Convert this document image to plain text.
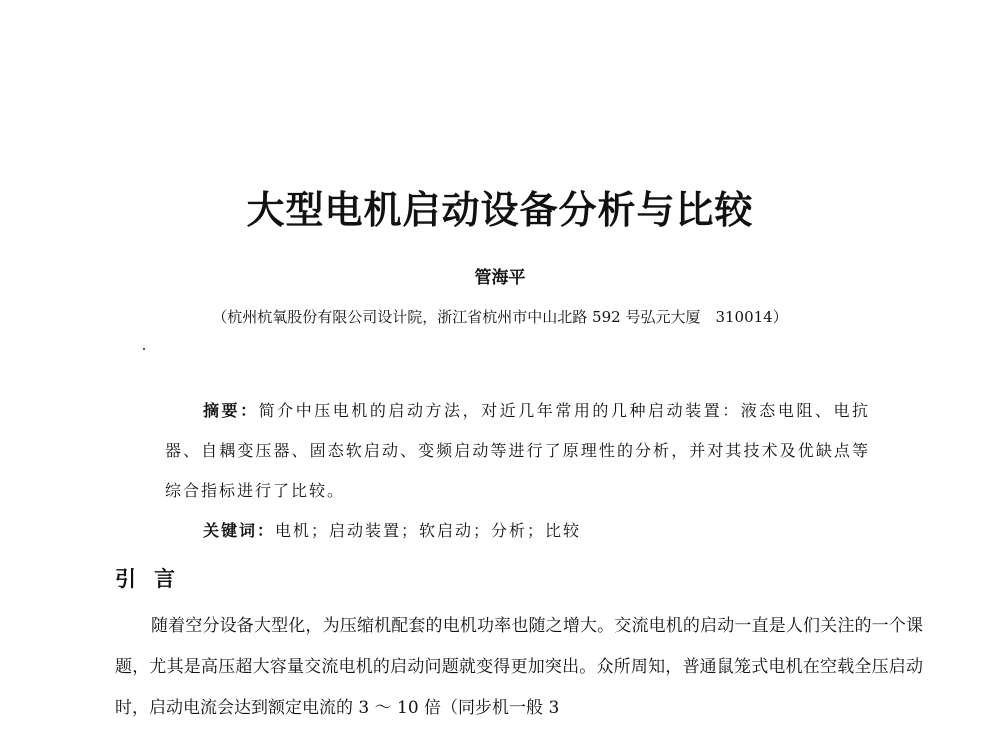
大型电机启动设备分析与比较
管海平
（杭州杭氧股份有限公司设计院，浙江省杭州市中山北路 592 号弘元大厦　310014）
摘要：简介中压电机的启动方法，对近几年常用的几种启动装置：液态电阻、电抗器、自耦变压器、固态软启动、变频启动等进行了原理性的分析，并对其技术及优缺点等综合指标进行了比较。
关键词：电机；启动装置；软启动；分析；比较
引言
随着空分设备大型化，为压缩机配套的电机功率也随之增大。交流电机的启动一直是人们关注的一个课题，尤其是高压超大容量交流电机的启动问题就变得更加突出。众所周知，普通鼠笼式电机在空载全压启动时，启动电流会达到额定电流的 3 ～ 10 倍（同步机一般 3
